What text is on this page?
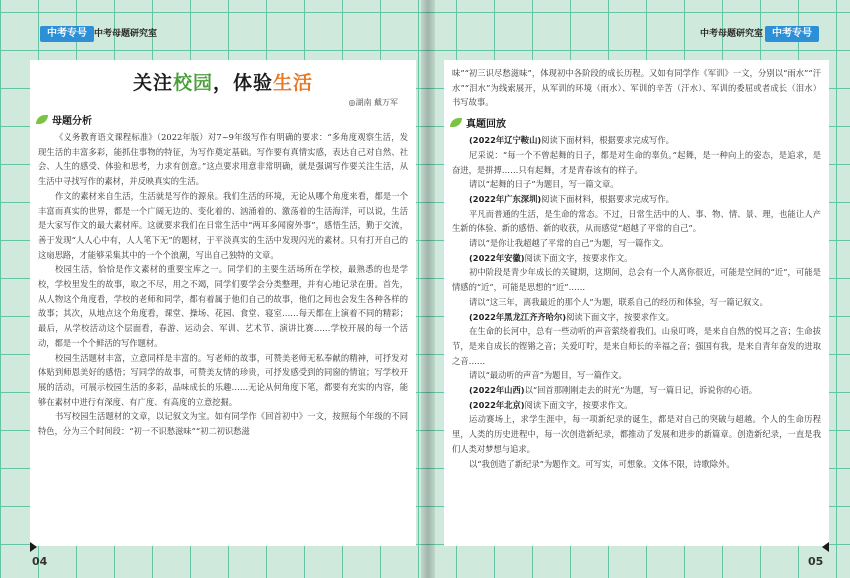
中考专号 中考母题研究室	中考母题研究室 中考专号
关注校园，体验生活
◎湖南 戴万军
母题分析
《义务教育语文课程标准》（2022年版）对7~9年级写作有明确的要求：“多角度观察生活，发现生活的丰富多彩，能抓住事物的特征，为写作奠定基础。写作要有真情实感，表达自己对自然、社会、人生的感受、体验和思考，力求有创意。”这点要求用意非常明确，就是强调写作要关注生活，从生活中寻找写作的素材，并反映真实的生活。
作文的素材来自生活，生活就是写作的源泉。我们生活的环境，无论从哪个角度来看，都是一个丰富而真实的世界，都是一个广阔无边的、变化着的、汹涌着的、激荡着的生活海洋，可以说，生活是大家写作文的最大素材库。这就要求我们在日常生活中“两耳多闻窗外事”，感悟生活，勤于交流，善于发现“人人心中有，人人笔下无”的题材，于平淡真实的生活中发现闪光的素材。只有打开自己的这扇思路，才能够采集其中的一个个浪潮，写出自己独特的文章。
校园生活，恰恰是作文素材的重要宝库之一。同学们的主要生活场所在学校，最熟悉的也是学校，学校里发生的故事，取之不尽，用之不竭，同学们要学会分类整理，并有心地记录在册。首先，从人物这个角度看，学校的老师和同学，都有着属于他们自己的故事，他们之间也会发生各种各样的故事；其次，从地点这个角度看，课堂、操场、花园、食堂、寝室……每天都在上演着不同的精彩；最后，从学校活动这个层面看，春游、运动会、军训、艺术节、演讲比赛……学校开展的每一个活动，都是一个个鲜活的写作题材。
校园生活题材丰富，立意同样是丰富的。写老师的故事，可赞美老师无私奉献的精神，可抒发对体贴到师恩美好的感悟；写同学的故事，可赞美友情的珍贵，可抒发感受到的同窗的情谊；写学校开展的活动，可展示校园生活的多彩，品味成长的乐趣……无论从何角度下笔，都要有充实的内容，能够在素材中进行有深度、有广度、有高度的立意挖掘。
书写校园生活题材的文章，以记叙文为宝。如有同学作《回首初中》一文，按照每个年级的不同特色，分为三个时间段：“初一不识愁滋味”“初二初识愁滋
味”“初三识尽愁滋味”，体现初中各阶段的成长历程。又如有同学作《军训》一文，分别以“雨水”“汗水”“泪水”为线索展开，从军训的环境（雨水）、军训的辛苦（汗水）、军训的委屈或者成长（泪水）书写故事。
真题回放
(2022年辽宁鞍山)阅读下面材料，根据要求完成写作。
尼采说：“每一个不曾起舞的日子，都是对生命的辜负。”起舞，是一种向上的姿态，是追求，是奋进，是拼搏……只有起舞，才是青春该有的样子。
请以“起舞的日子”为题目，写一篇文章。
(2022年广东深圳)阅读下面材料，根据要求完成写作。
平凡而普通的生活，是生命的常态。不过，日常生活中的人、事、物、情、景、理，也能让人产生新的体验、新的感悟、新的收获，从而感觉“超越了平常的自己”。
请以“是你让我超越了平常的自己”为题，写一篇作文。
(2022年安徽)阅读下面文字，按要求作文。
初中阶段是青少年成长的关键期，这期间，总会有一个人离你很近，可能是空间的“近”，可能是情感的“近”，可能是思想的“近”……
请以“这三年，离我最近的那个人”为题，联系自己的经历和体验，写一篇记叙文。
(2022年黑龙江齐齐哈尔)阅读下面文字，按要求作文。
在生命的长河中，总有一些动听的声音萦绕着我们。山泉叮咚，是来自自然的悦耳之音；生命拔节，是来自成长的铿锵之音；关爱叮咛，是来自师长的幸福之音；强国有我，是来自青年奋发的进取之音……
请以“最动听的声音”为题目，写一篇作文。
(2022年山西)以“回首那刚刚走去的时光”为题，写一篇日记，诉说你的心语。
(2022年北京)阅读下面文字，按要求作文。
运动赛场上，求学生涯中，每一项新纪录的诞生，都是对自己的突破与超越。个人的生命历程里，人类的历史进程中，每一次创造新纪录，都推动了发展和进步的新篇章。创造新纪录，一直是我们人类对梦想与追求。
以“我创造了新纪录”为题作文。可写实，可想象。文体不限，诗歌除外。
04	05
